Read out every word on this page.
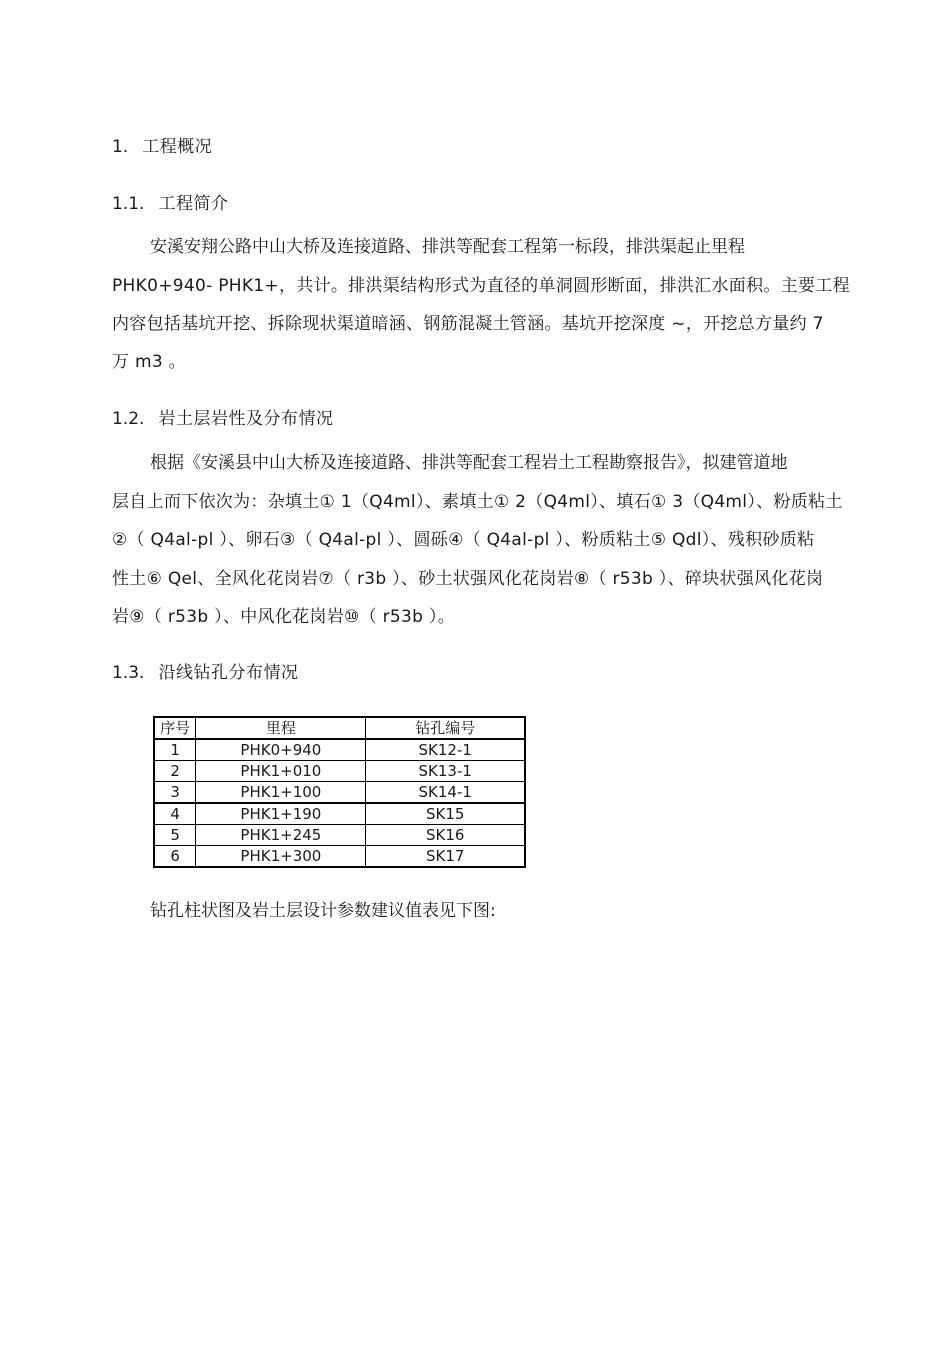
1. 工程概况
1.1. 工程简介
安溪安翔公路中山大桥及连接道路、排洪等配套工程第一标段，排洪渠起止里程
PHK0+940- PHK1+，共计。排洪渠结构形式为直径的单洞圆形断面，排洪汇水面积。主要工程
内容包括基坑开挖、拆除现状渠道暗涵、钢筋混凝土管涵。基坑开挖深度 ~，开挖总方量约 7
万 m3 。
1.2. 岩土层岩性及分布情况
根据《安溪县中山大桥及连接道路、排洪等配套工程岩土工程勘察报告》，拟建管道地
层自上而下依次为：杂填土① 1（Q4ml）、素填土① 2（Q4ml）、填石① 3（Q4ml）、粉质粘土
②（ Q4al-pl ）、卵石③（ Q4al-pl ）、圆砾④（ Q4al-pl ）、粉质粘土⑤ Qdl）、残积砂质粘
性土⑥ Qel、全风化花岗岩⑦（ r3b ）、砂土状强风化花岗岩⑧（ r53b ）、碎块状强风化花岗
岩⑨（ r53b ）、中风化花岗岩⑩（ r53b ）。
1.3. 沿线钻孔分布情况
序号	里程	钻孔编号
1	PHK0+940	SK12-1
2	PHK1+010	SK13-1
3	PHK1+100	SK14-1
4	PHK1+190	SK15
5	PHK1+245	SK16
6	PHK1+300	SK17
钻孔柱状图及岩土层设计参数建议值表见下图:
